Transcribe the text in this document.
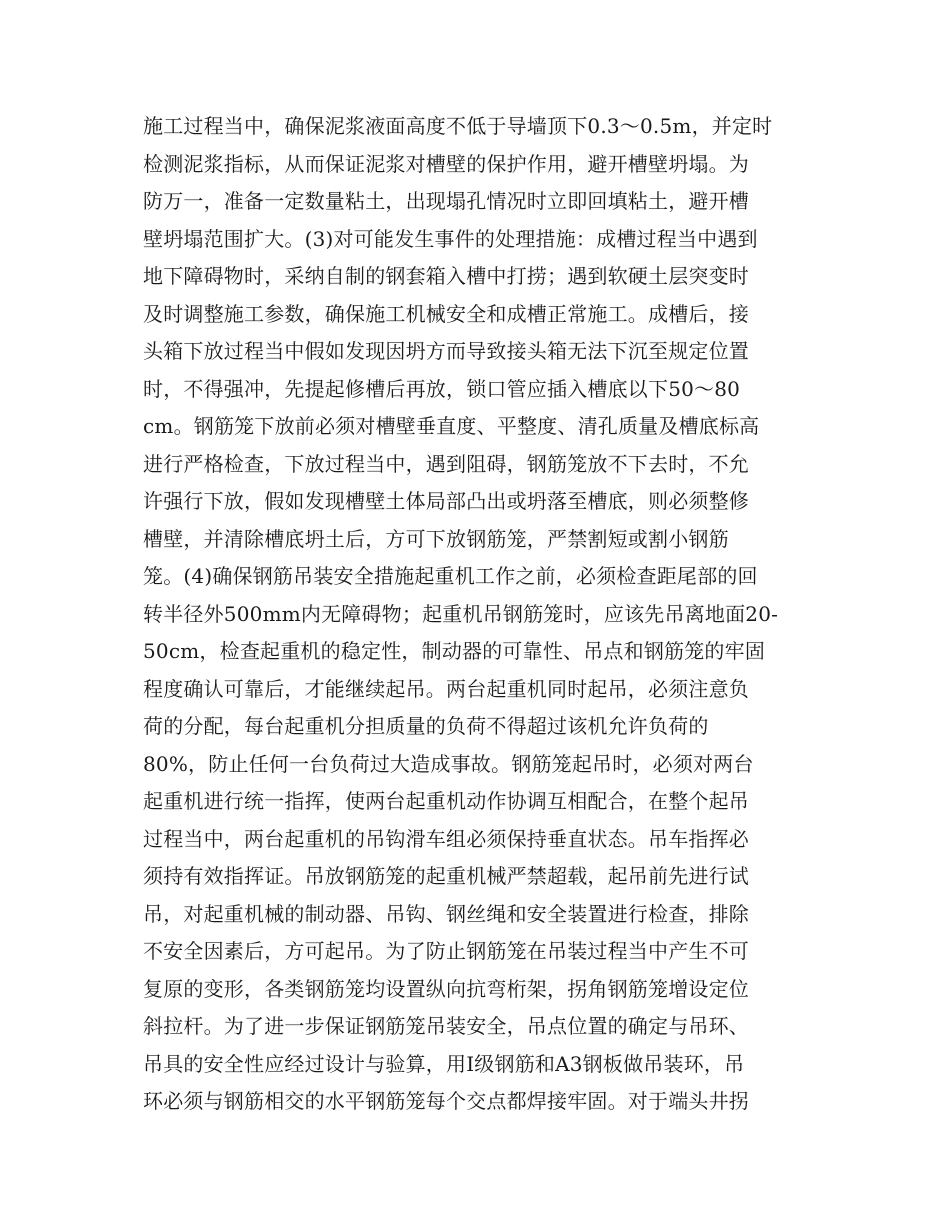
施工过程当中，确保泥浆液面高度不低于导墙顶下0.3～0.5m，并定时
检测泥浆指标，从而保证泥浆对槽壁的保护作用，避开槽壁坍塌。为
防万一，准备一定数量粘土，出现塌孔情况时立即回填粘土，避开槽
壁坍塌范围扩大。(3)对可能发生事件的处理措施：成槽过程当中遇到
地下障碍物时，采纳自制的钢套箱入槽中打捞；遇到软硬土层突变时
及时调整施工参数，确保施工机械安全和成槽正常施工。成槽后，接
头箱下放过程当中假如发现因坍方而导致接头箱无法下沉至规定位置
时，不得强冲，先提起修槽后再放，锁口管应插入槽底以下50～80
cm。钢筋笼下放前必须对槽壁垂直度、平整度、清孔质量及槽底标高
进行严格检查，下放过程当中，遇到阻碍，钢筋笼放不下去时，不允
许强行下放，假如发现槽壁土体局部凸出或坍落至槽底，则必须整修
槽壁，并清除槽底坍土后，方可下放钢筋笼，严禁割短或割小钢筋
笼。(4)确保钢筋吊装安全措施起重机工作之前，必须检查距尾部的回
转半径外500mm内无障碍物；起重机吊钢筋笼时，应该先吊离地面20-
50cm，检查起重机的稳定性，制动器的可靠性、吊点和钢筋笼的牢固
程度确认可靠后，才能继续起吊。两台起重机同时起吊，必须注意负
荷的分配，每台起重机分担质量的负荷不得超过该机允许负荷的
80%，防止任何一台负荷过大造成事故。钢筋笼起吊时，必须对两台
起重机进行统一指挥，使两台起重机动作协调互相配合，在整个起吊
过程当中，两台起重机的吊钩滑车组必须保持垂直状态。吊车指挥必
须持有效指挥证。吊放钢筋笼的起重机械严禁超载，起吊前先进行试
吊，对起重机械的制动器、吊钩、钢丝绳和安全装置进行检查，排除
不安全因素后，方可起吊。为了防止钢筋笼在吊装过程当中产生不可
复原的变形，各类钢筋笼均设置纵向抗弯桁架，拐角钢筋笼增设定位
斜拉杆。为了进一步保证钢筋笼吊装安全，吊点位置的确定与吊环、
吊具的安全性应经过设计与验算，用Ⅰ级钢筋和A3钢板做吊装环，吊
环必须与钢筋相交的水平钢筋笼每个交点都焊接牢固。对于端头井拐
